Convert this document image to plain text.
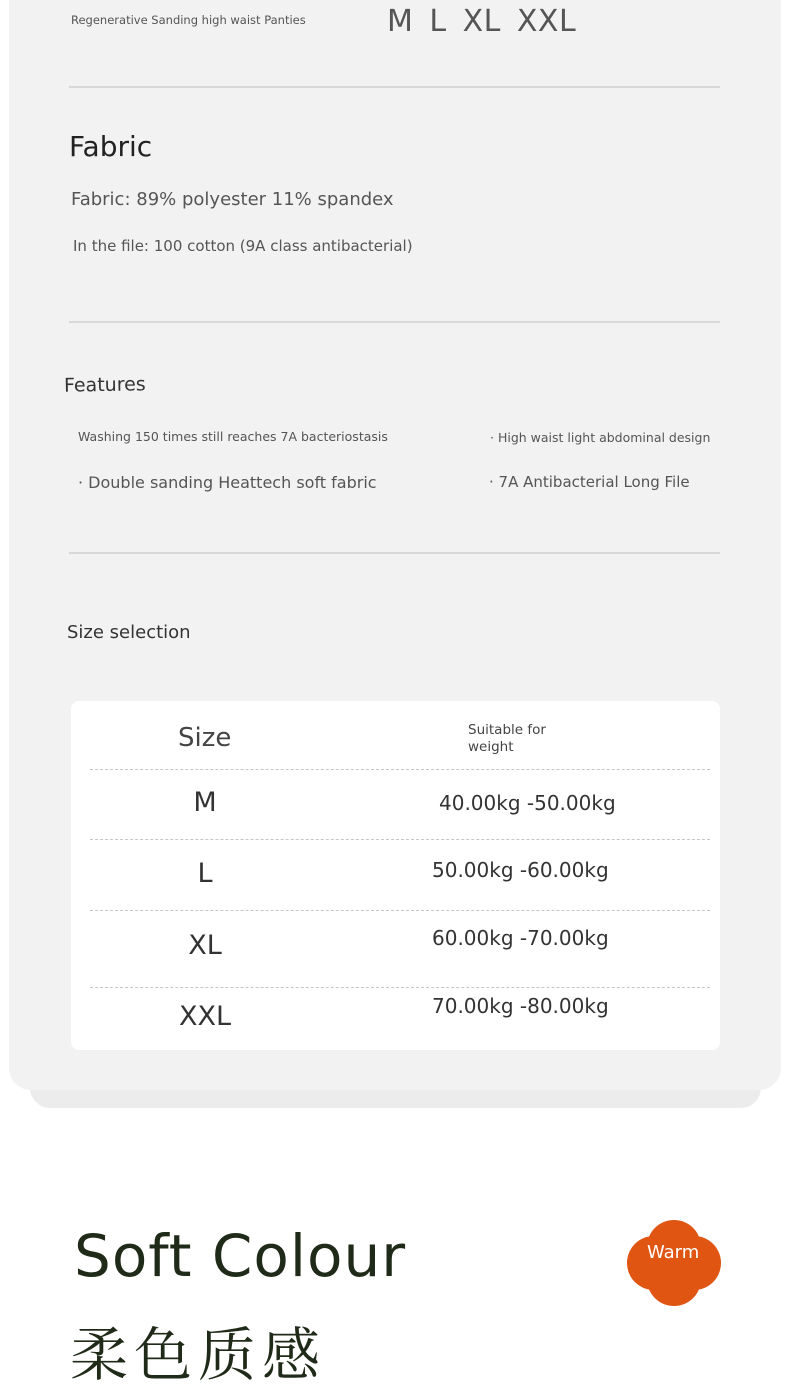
Regenerative Sanding high waist Panties	M L XL XXL
Fabric
Fabric: 89% polyester 11% spandex
In the file: 100 cotton (9A class antibacterial)
Features
Washing 150 times still reaches 7A bacteriostasis	· High waist light abdominal design
· Double sanding Heattech soft fabric	· 7A Antibacterial Long File
Size selection
Size	Suitable for weight
M	40.00kg -50.00kg
L	50.00kg -60.00kg
XL	60.00kg -70.00kg
XXL	70.00kg -80.00kg
Soft Colour
柔色质感
Warm
